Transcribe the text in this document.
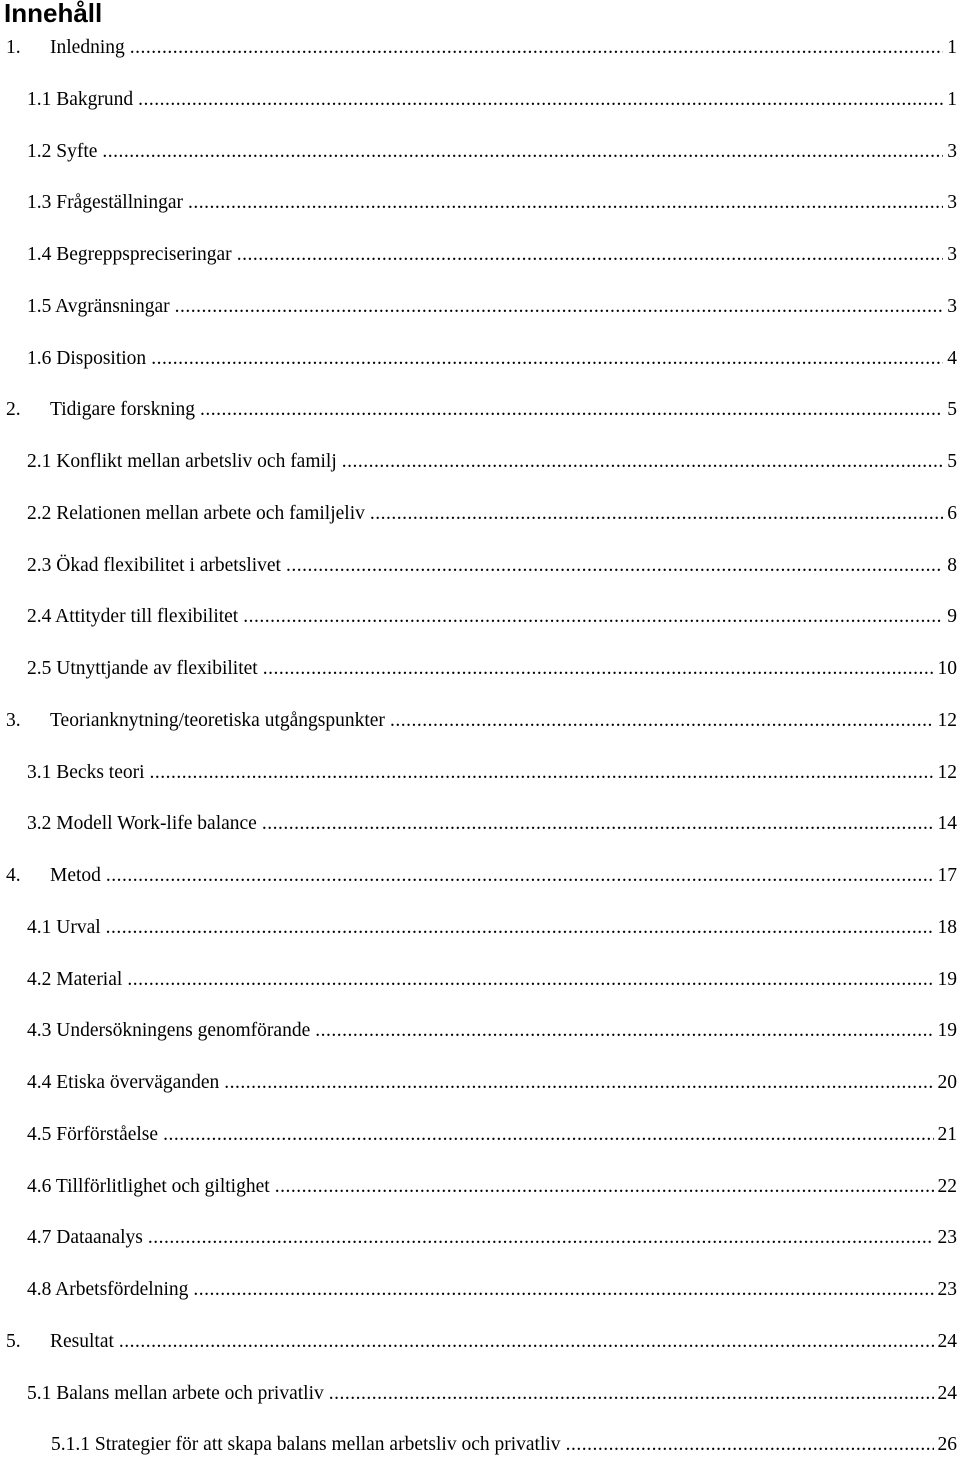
Innehåll
1.	Inledning .....	1
1.1 Bakgrund .....	1
1.2 Syfte .....	3
1.3 Frågeställningar .....	3
1.4 Begreppspreciseringar .....	3
1.5 Avgränsningar .....	3
1.6 Disposition .....	4
2.	Tidigare forskning .....	5
2.1 Konflikt mellan arbetsliv och familj .....	5
2.2 Relationen mellan arbete och familjeliv .....	6
2.3 Ökad flexibilitet i arbetslivet .....	8
2.4 Attityder till flexibilitet .....	9
2.5 Utnyttjande av flexibilitet .....	10
3.	Teorianknytning/teoretiska utgångspunkter .....	12
3.1 Becks teori .....	12
3.2 Modell Work-life balance .....	14
4.	Metod .....	17
4.1 Urval .....	18
4.2 Material .....	19
4.3 Undersökningens genomförande .....	19
4.4 Etiska överväganden .....	20
4.5 Förförståelse .....	21
4.6 Tillförlitlighet och giltighet .....	22
4.7 Dataanalys .....	23
4.8 Arbetsfördelning .....	23
5.	Resultat .....	24
5.1 Balans mellan arbete och privatliv .....	24
5.1.1 Strategier för att skapa balans mellan arbetsliv och privatliv .....	26
